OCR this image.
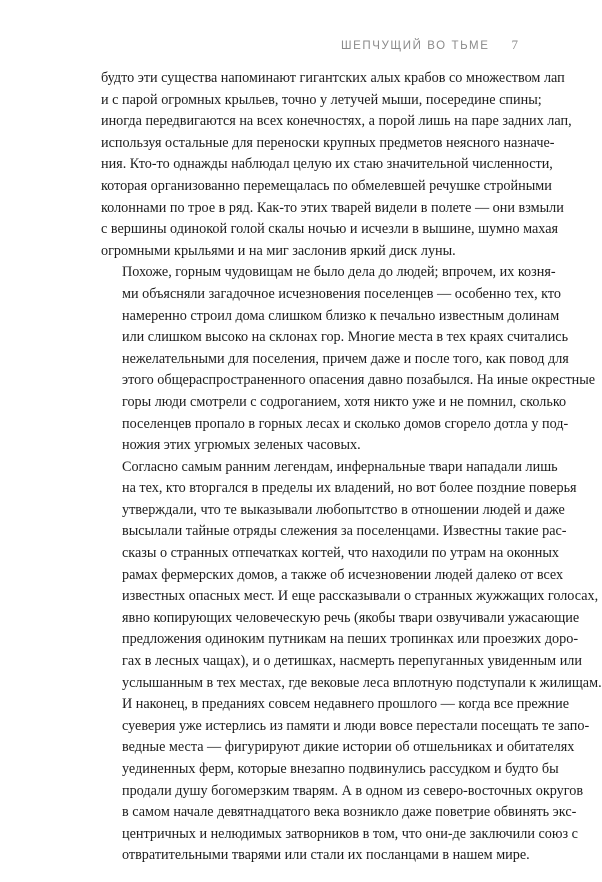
ШЕПЧУЩИЙ ВО ТЬМЕ 7

будто эти существа напоминают гигантских алых крабов со множеством лап
и с парой огромных крыльев, точно у летучей мыши, посередине спины;
иногда передвигаются на всех конечностях, а порой лишь на паре задних лап,
используя остальные для переноски крупных предметов неясного назначе-
ния. Кто-то однажды наблюдал целую их стаю значительной численности,
которая организованно перемещалась по обмелевшей речушке стройными
колоннами по трое в ряд. Как-то этих тварей видели в полете — они взмыли
с вершины одинокой голой скалы ночью и исчезли в вышине, шумно махая
огромными крыльями и на миг заслонив яркий диск луны.

Похоже, горным чудовищам не было дела до людей; впрочем, их козня-
ми объясняли загадочное исчезновения поселенцев — особенно тех, кто
намеренно строил дома слишком близко к печально известным долинам
или слишком высоко на склонах гор. Многие места в тех краях считались
нежелательными для поселения, причем даже и после того, как повод для
этого общераспространенного опасения давно позабылся. На иные окрестные
горы люди смотрели с содроганием, хотя никто уже и не помнил, сколько
поселенцев пропало в горных лесах и сколько домов сгорело дотла у под-
ножия этих угрюмых зеленых часовых.

Согласно самым ранним легендам, инфернальные твари нападали лишь
на тех, кто вторгался в пределы их владений, но вот более поздние поверья
утверждали, что те выказывали любопытство в отношении людей и даже
высылали тайные отряды слежения за поселенцами. Известны такие рас-
сказы о странных отпечатках когтей, что находили по утрам на оконных
рамах фермерских домов, а также об исчезновении людей далеко от всех
известных опасных мест. И еще рассказывали о странных жужжащих голосах,
явно копирующих человеческую речь (якобы твари озвучивали ужасающие
предложения одиноким путникам на пеших тропинках или проезжих доро-
гах в лесных чащах), и о детишках, насмерть перепуганных увиденным или
услышанным в тех местах, где вековые леса вплотную подступали к жилищам.
И наконец, в преданиях совсем недавнего прошлого — когда все прежние
суеверия уже истерлись из памяти и люди вовсе перестали посещать те запо-
ведные места — фигурируют дикие истории об отшельниках и обитателях
уединенных ферм, которые внезапно подвинулись рассудком и будто бы
продали душу богомерзким тварям. А в одном из северо-восточных округов
в самом начале девятнадцатого века возникло даже поветрие обвинять экс-
центричных и нелюдимых затворников в том, что они-де заключили союз с
отвратительными тварями или стали их посланцами в нашем мире.
